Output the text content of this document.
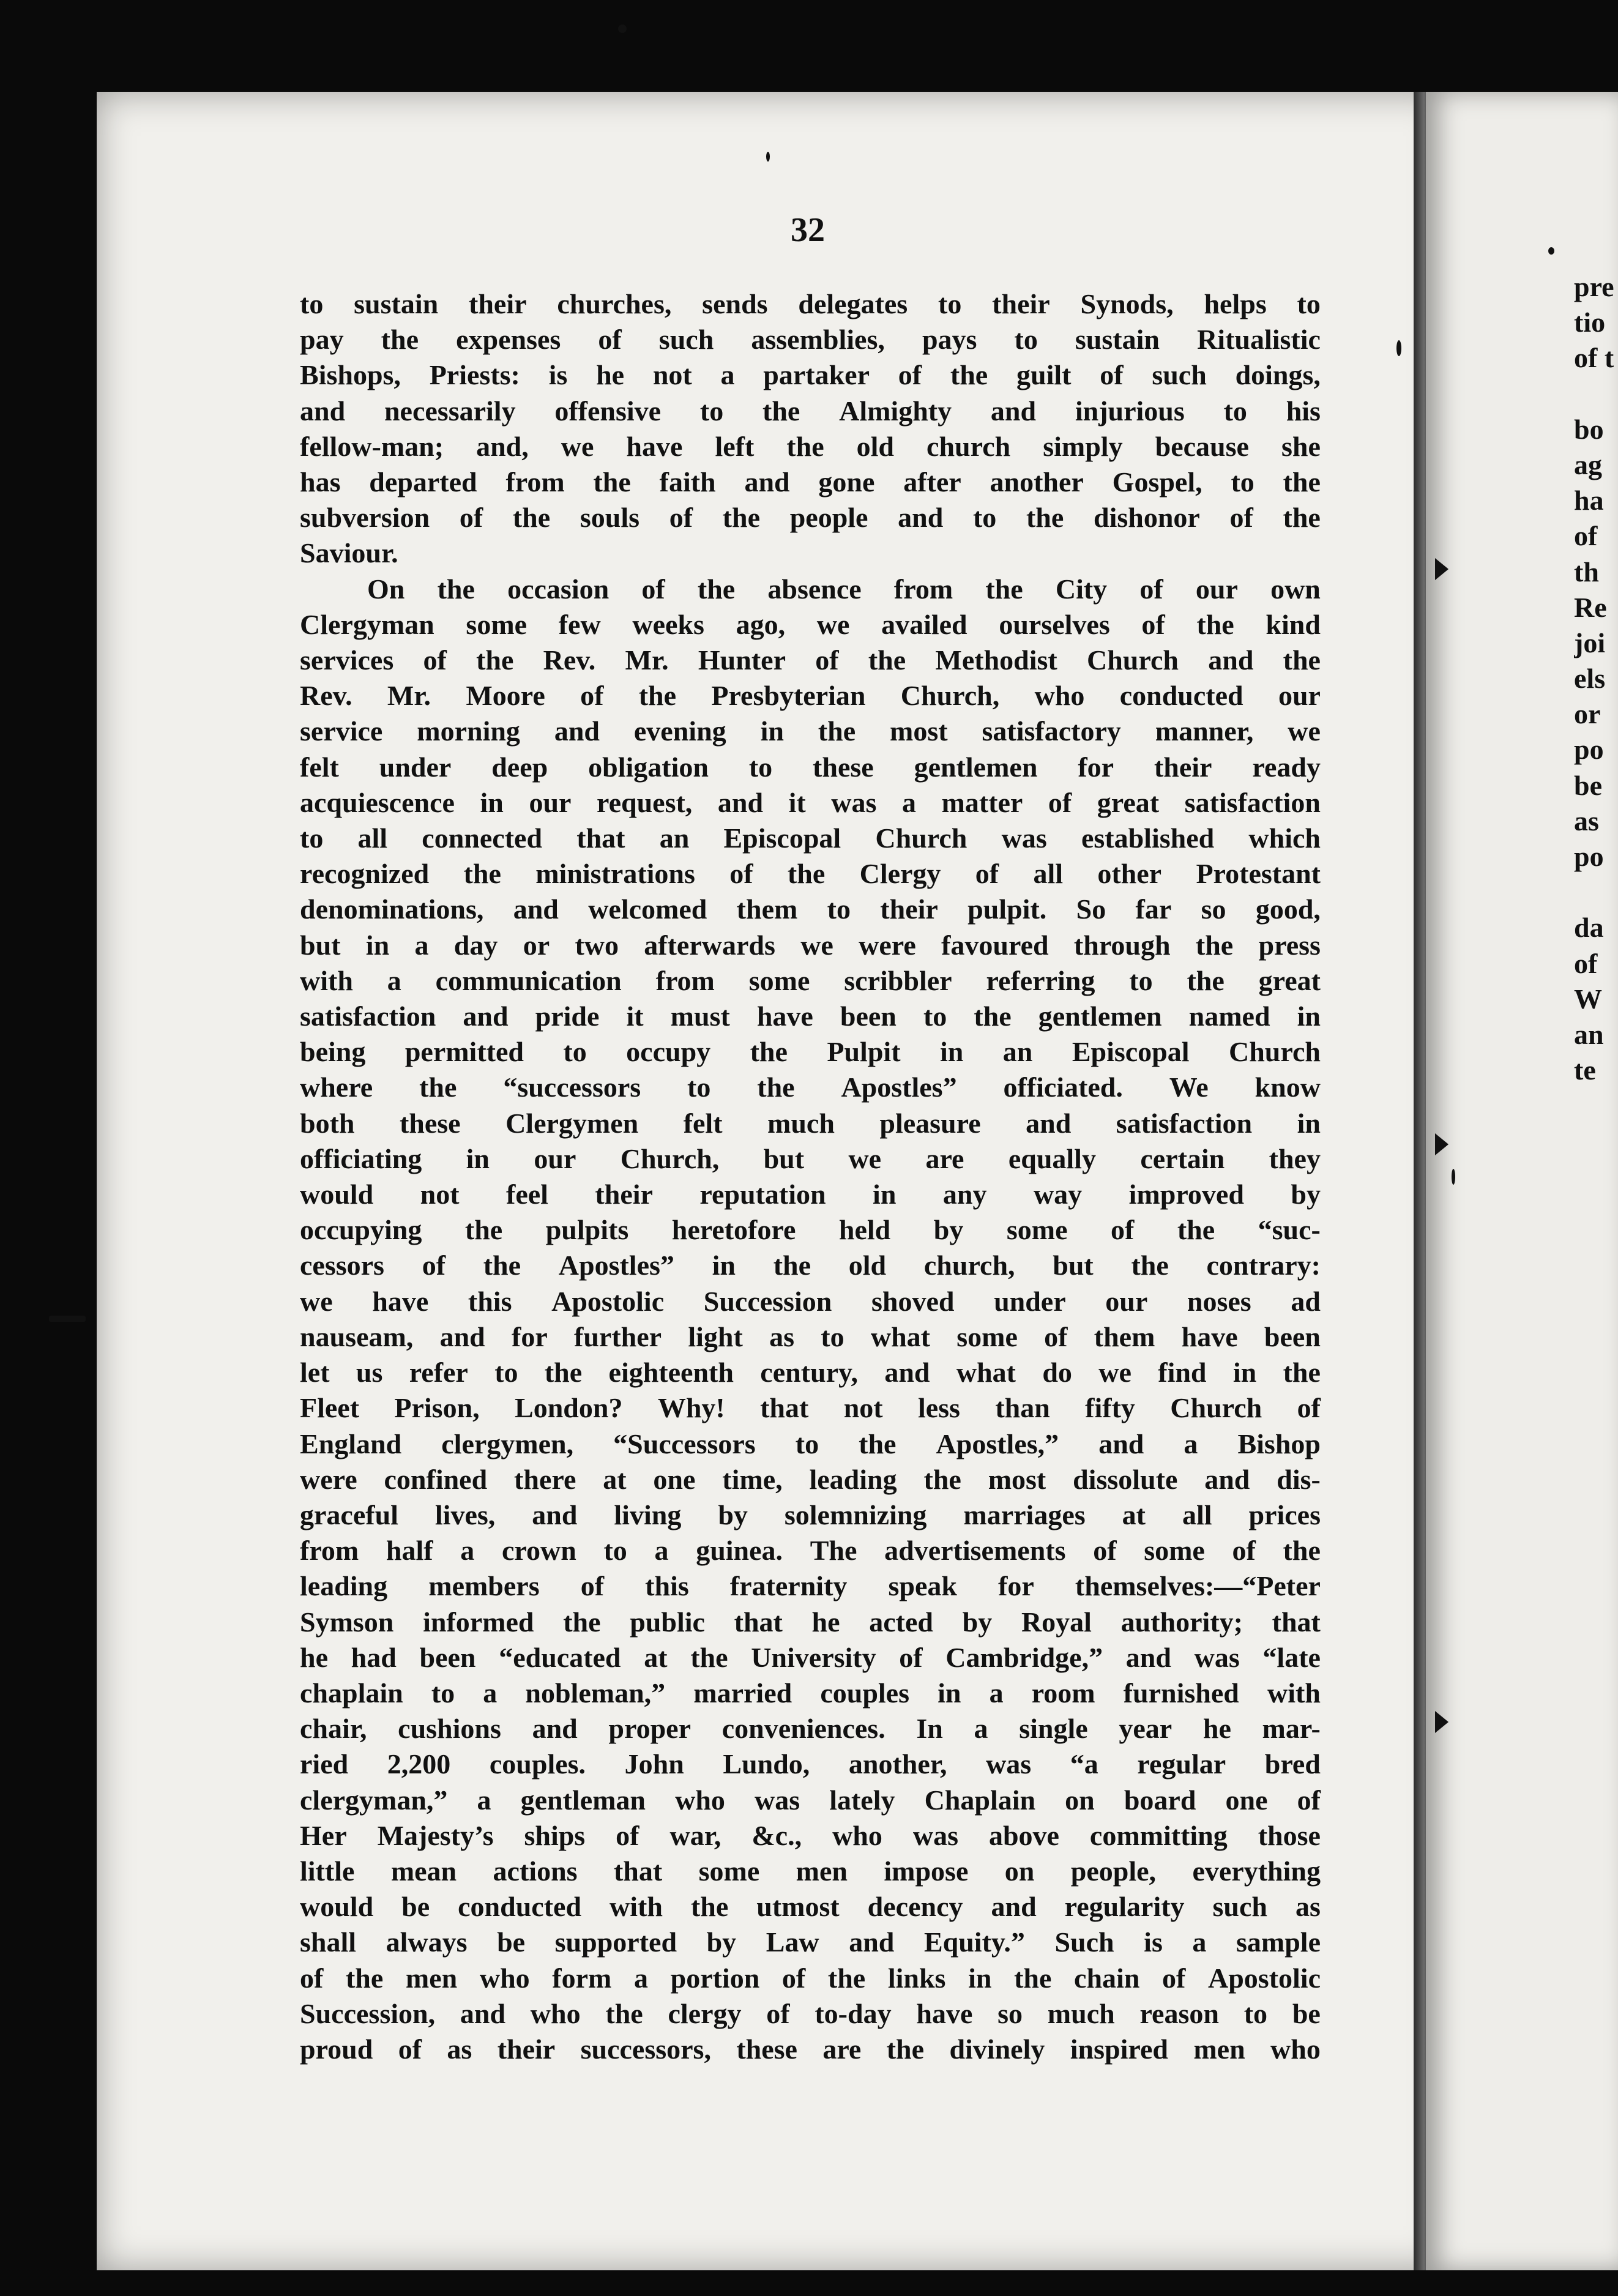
32
to sustain their churches, sends delegates to their Synods, helps to
pay the expenses of such assemblies, pays to sustain Ritualistic
Bishops, Priests: is he not a partaker of the guilt of such doings,
and necessarily offensive to the Almighty and injurious to his
fellow-man; and, we have left the old church simply because she
has departed from the faith and gone after another Gospel, to the
subversion of the souls of the people and to the dishonor of the
Saviour.
On the occasion of the absence from the City of our own
Clergyman some few weeks ago, we availed ourselves of the kind
services of the Rev. Mr. Hunter of the Methodist Church and the
Rev. Mr. Moore of the Presbyterian Church, who conducted our
service morning and evening in the most satisfactory manner, we
felt under deep obligation to these gentlemen for their ready
acquiescence in our request, and it was a matter of great satisfaction
to all connected that an Episcopal Church was established which
recognized the ministrations of the Clergy of all other Protestant
denominations, and welcomed them to their pulpit. So far so good,
but in a day or two afterwards we were favoured through the press
with a communication from some scribbler referring to the great
satisfaction and pride it must have been to the gentlemen named in
being permitted to occupy the Pulpit in an Episcopal Church
where the “successors to the Apostles” officiated. We know
both these Clergymen felt much pleasure and satisfaction in
officiating in our Church, but we are equally certain they
would not feel their reputation in any way improved by
occupying the pulpits heretofore held by some of the “suc-
cessors of the Apostles” in the old church, but the contrary:
we have this Apostolic Succession shoved under our noses ad
nauseam, and for further light as to what some of them have been
let us refer to the eighteenth century, and what do we find in the
Fleet Prison, London? Why! that not less than fifty Church of
England clergymen, “Successors to the Apostles,” and a Bishop
were confined there at one time, leading the most dissolute and dis-
graceful lives, and living by solemnizing marriages at all prices
from half a crown to a guinea. The advertisements of some of the
leading members of this fraternity speak for themselves:—“Peter
Symson informed the public that he acted by Royal authority; that
he had been “educated at the University of Cambridge,” and was “late
chaplain to a nobleman,” married couples in a room furnished with
chair, cushions and proper conveniences. In a single year he mar-
ried 2,200 couples. John Lundo, another, was “a regular bred
clergyman,” a gentleman who was lately Chaplain on board one of
Her Majesty’s ships of war, &c., who was above committing those
little mean actions that some men impose on people, everything
would be conducted with the utmost decency and regularity such as
shall always be supported by Law and Equity.” Such is a sample
of the men who form a portion of the links in the chain of Apostolic
Succession, and who the clergy of to-day have so much reason to be
proud of as their successors, these are the divinely inspired men who
pre
tio
of t
bo
ag
ha
of
th
Re
joi
els
or
po
be
as
po
da
of
W
an
te
